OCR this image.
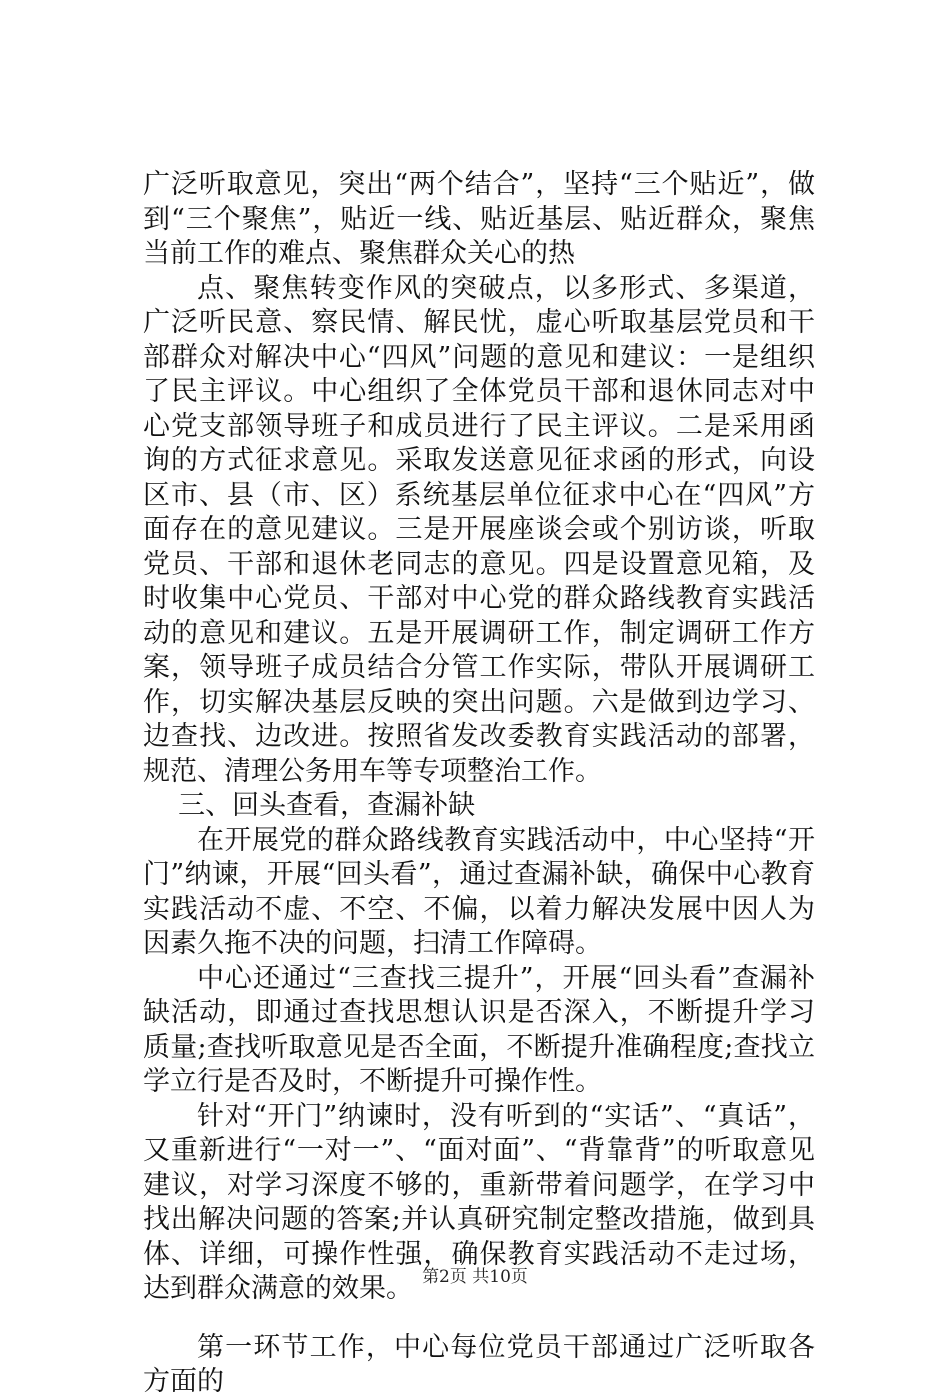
广泛听取意见，突出“两个结合”，坚持“三个贴近”，做到“三个聚焦”，贴近一线、贴近基层、贴近群众，聚焦当前工作的难点、聚焦群众关心的热

点、聚焦转变作风的突破点，以多形式、多渠道，广泛听民意、察民情、解民忧，虚心听取基层党员和干部群众对解决中心“四风”问题的意见和建议：一是组织了民主评议。中心组织了全体党员干部和退休同志对中心党支部领导班子和成员进行了民主评议。二是采用函询的方式征求意见。采取发送意见征求函的形式，向设区市、县（市、区）系统基层单位征求中心在“四风”方面存在的意见建议。三是开展座谈会或个别访谈，听取党员、干部和退休老同志的意见。四是设置意见箱，及时收集中心党员、干部对中心党的群众路线教育实践活动的意见和建议。五是开展调研工作，制定调研工作方案，领导班子成员结合分管工作实际，带队开展调研工作，切实解决基层反映的突出问题。六是做到边学习、边查找、边改进。按照省发改委教育实践活动的部署，规范、清理公务用车等专项整治工作。

三、回头查看，查漏补缺

在开展党的群众路线教育实践活动中，中心坚持“开门”纳谏，开展“回头看”，通过查漏补缺，确保中心教育实践活动不虚、不空、不偏，以着力解决发展中因人为因素久拖不决的问题，扫清工作障碍。

中心还通过“三查找三提升”，开展“回头看”查漏补缺活动，即通过查找思想认识是否深入，不断提升学习质量;查找听取意见是否全面，不断提升准确程度;查找立学立行是否及时，不断提升可操作性。

针对“开门”纳谏时，没有听到的“实话”、“真话”，又重新进行“一对一”、“面对面”、“背靠背”的听取意见建议，对学习深度不够的，重新带着问题学，在学习中找出解决问题的答案;并认真研究制定整改措施，做到具体、详细，可操作性强，确保教育实践活动不走过场，达到群众满意的效果。

第一环节工作，中心每位党员干部通过广泛听取各方面的

第2页 共10页
